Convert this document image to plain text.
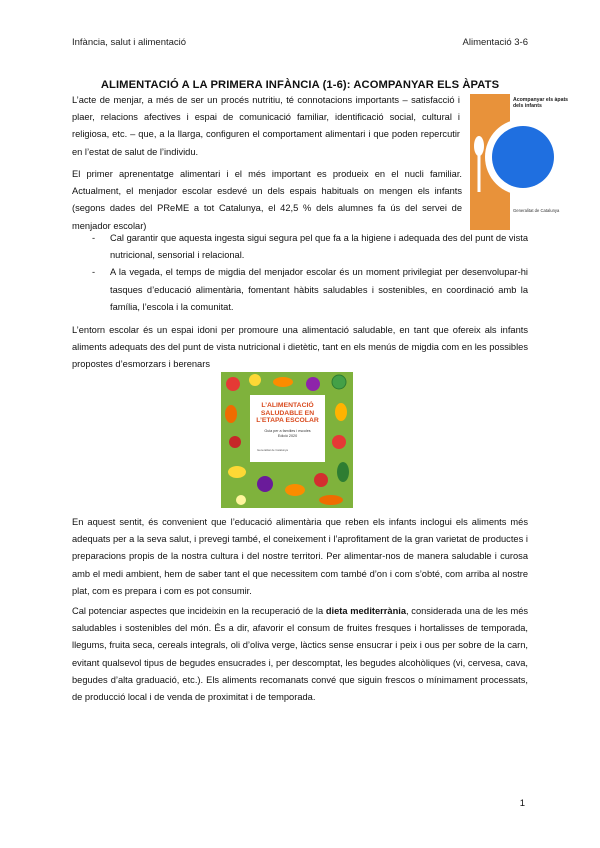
Infància, salut i alimentació	Alimentació 3-6
ALIMENTACIÓ A LA PRIMERA INFÀNCIA (1-6): ACOMPANYAR ELS ÀPATS
L’acte de menjar, a més de ser un procés nutritiu, té connotacions importants – satisfacció i plaer, relacions afectives i espai de comunicació familiar, identificació social, cultural i religiosa, etc. – que, a la llarga, configuren el comportament alimentari i que poden repercutir en l’estat de salut de l’individu.
Acompanyar els àpats dels infants
Generalitat de Catalunya
El primer aprenentatge alimentari i el més important es produeix en el nucli familiar. Actualment, el menjador escolar esdevé un dels espais habituals on mengen els infants (segons dades del PReME a tot Catalunya, el 42,5 % dels alumnes fa ús del servei de menjador escolar)
- Cal garantir que aquesta ingesta sigui segura pel que fa a la higiene i adequada des del punt de vista nutricional, sensorial i relacional.
- A la vegada, el temps de migdia del menjador escolar és un moment privilegiat per desenvolupar-hi tasques d’educació alimentària, fomentant hàbits saludables i sostenibles, en coordinació amb la família, l’escola i la comunitat.
L’entorn escolar és un espai idoni per promoure una alimentació saludable, en tant que ofereix als infants aliments adequats des del punt de vista nutricional i dietètic, tant en els menús de migdia com en les possibles propostes d’esmorzars i berenars
L’ALIMENTACIÓ SALUDABLE EN L’ETAPA ESCOLAR
Guia per a famílies i escoles
Edició 2020
Generalitat de Catalunya
En aquest sentit, és convenient que l’educació alimentària que reben els infants inclogui els aliments més adequats per a la seva salut, i prevegi també, el coneixement i l’aprofitament de la gran varietat de productes i preparacions propis de la nostra cultura i del nostre territori. Per alimentar-nos de manera saludable i curosa amb el medi ambient, hem de saber tant el que necessitem com també d’on i com s’obté, com arriba al nostre plat, com es prepara i com es pot consumir.
Cal potenciar aspectes que incideixin en la recuperació de la dieta mediterrània, considerada una de les més saludables i sostenibles del món. És a dir, afavorir el consum de fruites fresques i hortalisses de temporada, llegums, fruita seca, cereals integrals, oli d’oliva verge, làctics sense ensucrar i peix i ous per sobre de la carn, evitant qualsevol tipus de begudes ensucrades i, per descomptat, les begudes alcohòliques (vi, cervesa, cava, begudes d’alta graduació, etc.). Els aliments recomanats convé que siguin frescos o mínimament processats, de producció local i de venda de proximitat i de temporada.
1
